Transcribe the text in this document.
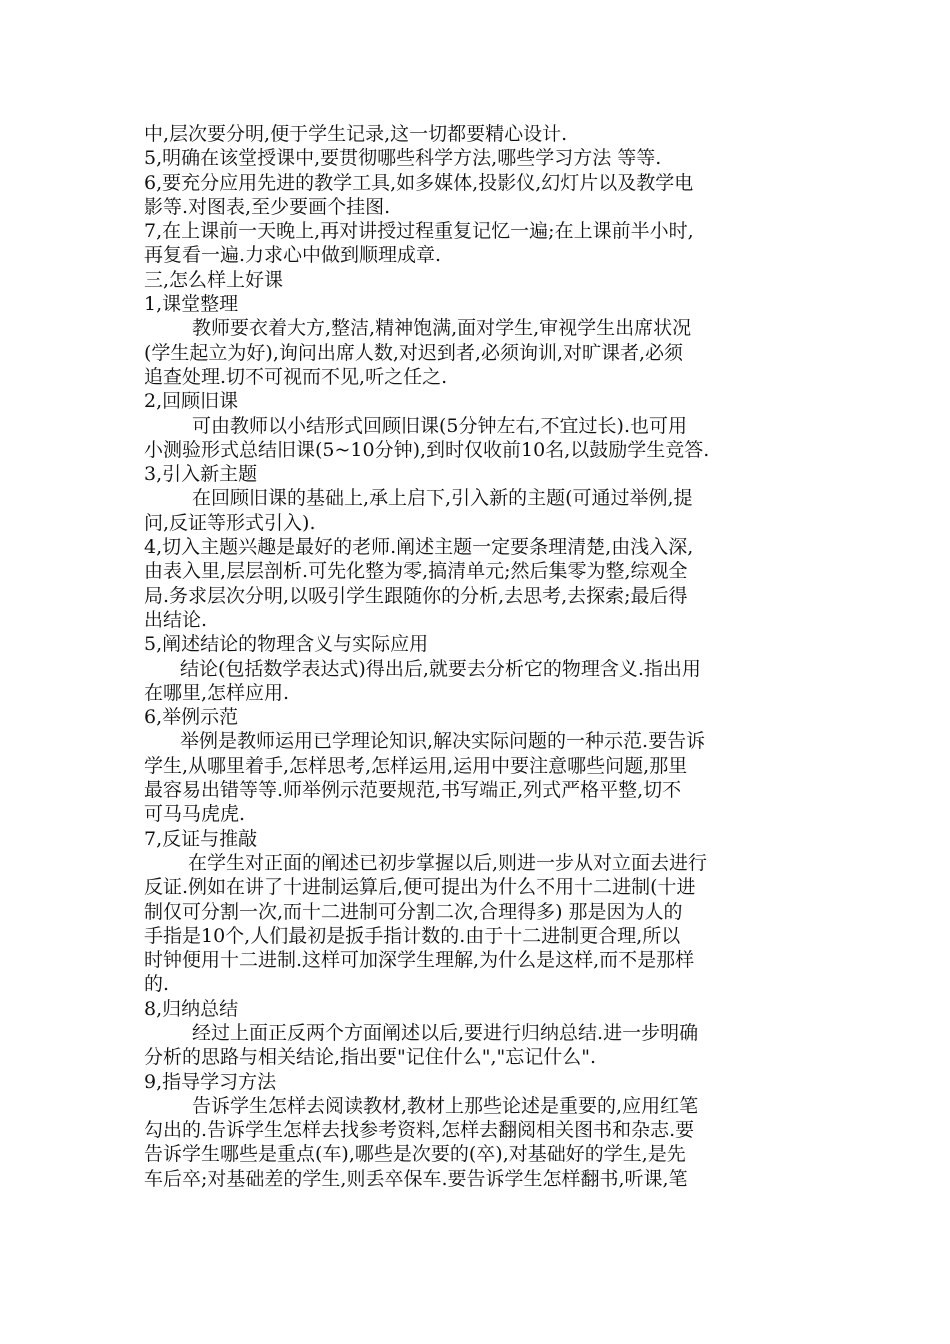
中,层次要分明,便于学生记录,这一切都要精心设计.
5,明确在该堂授课中,要贯彻哪些科学方法,哪些学习方法 等等.
6,要充分应用先进的教学工具,如多媒体,投影仪,幻灯片以及教学电
影等.对图表,至少要画个挂图.
7,在上课前一天晚上,再对讲授过程重复记忆一遍;在上课前半小时,
再复看一遍.力求心中做到顺理成章.
三,怎么样上好课
1,课堂整理
教师要衣着大方,整洁,精神饱满,面对学生,审视学生出席状况
(学生起立为好),询问出席人数,对迟到者,必须询训,对旷课者,必须
追查处理.切不可视而不见,听之任之.
2,回顾旧课
可由教师以小结形式回顾旧课(5分钟左右,不宜过长).也可用
小测验形式总结旧课(5~10分钟),到时仅收前10名,以鼓励学生竞答.
3,引入新主题
在回顾旧课的基础上,承上启下,引入新的主题(可通过举例,提
问,反证等形式引入).
4,切入主题兴趣是最好的老师.阐述主题一定要条理清楚,由浅入深,
由表入里,层层剖析.可先化整为零,搞清单元;然后集零为整,综观全
局.务求层次分明,以吸引学生跟随你的分析,去思考,去探索;最后得
出结论.
5,阐述结论的物理含义与实际应用
结论(包括数学表达式)得出后,就要去分析它的物理含义.指出用
在哪里,怎样应用.
6,举例示范
举例是教师运用已学理论知识,解决实际问题的一种示范.要告诉
学生,从哪里着手,怎样思考,怎样运用,运用中要注意哪些问题,那里
最容易出错等等.师举例示范要规范,书写端正,列式严格平整,切不
可马马虎虎.
7,反证与推敲
在学生对正面的阐述已初步掌握以后,则进一步从对立面去进行
反证.例如在讲了十进制运算后,便可提出为什么不用十二进制(十进
制仅可分割一次,而十二进制可分割二次,合理得多) 那是因为人的
手指是10个,人们最初是扳手指计数的.由于十二进制更合理,所以
时钟便用十二进制.这样可加深学生理解,为什么是这样,而不是那样
的.
8,归纳总结
经过上面正反两个方面阐述以后,要进行归纳总结.进一步明确
分析的思路与相关结论,指出要"记住什么","忘记什么".
9,指导学习方法
告诉学生怎样去阅读教材,教材上那些论述是重要的,应用红笔
勾出的.告诉学生怎样去找参考资料,怎样去翻阅相关图书和杂志.要
告诉学生哪些是重点(车),哪些是次要的(卒),对基础好的学生,是先
车后卒;对基础差的学生,则丢卒保车.要告诉学生怎样翻书,听课,笔
